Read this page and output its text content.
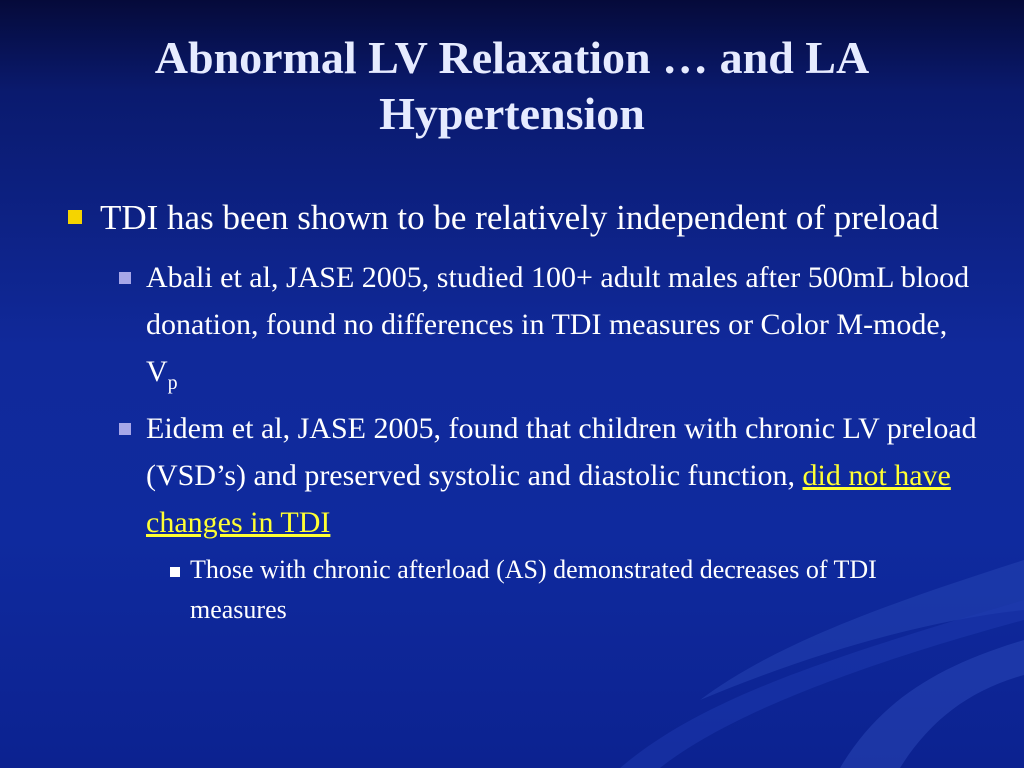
Abnormal LV Relaxation … and LA Hypertension
TDI has been shown to be relatively independent of preload
Abali et al, JASE 2005, studied 100+ adult males after 500mL blood donation, found no differences in TDI measures or Color M-mode, $V_p$
Eidem et al, JASE 2005, found that children with chronic LV preload (VSD’s) and preserved systolic and diastolic function, did not have changes in TDI
Those with chronic afterload (AS) demonstrated decreases of TDI measures
